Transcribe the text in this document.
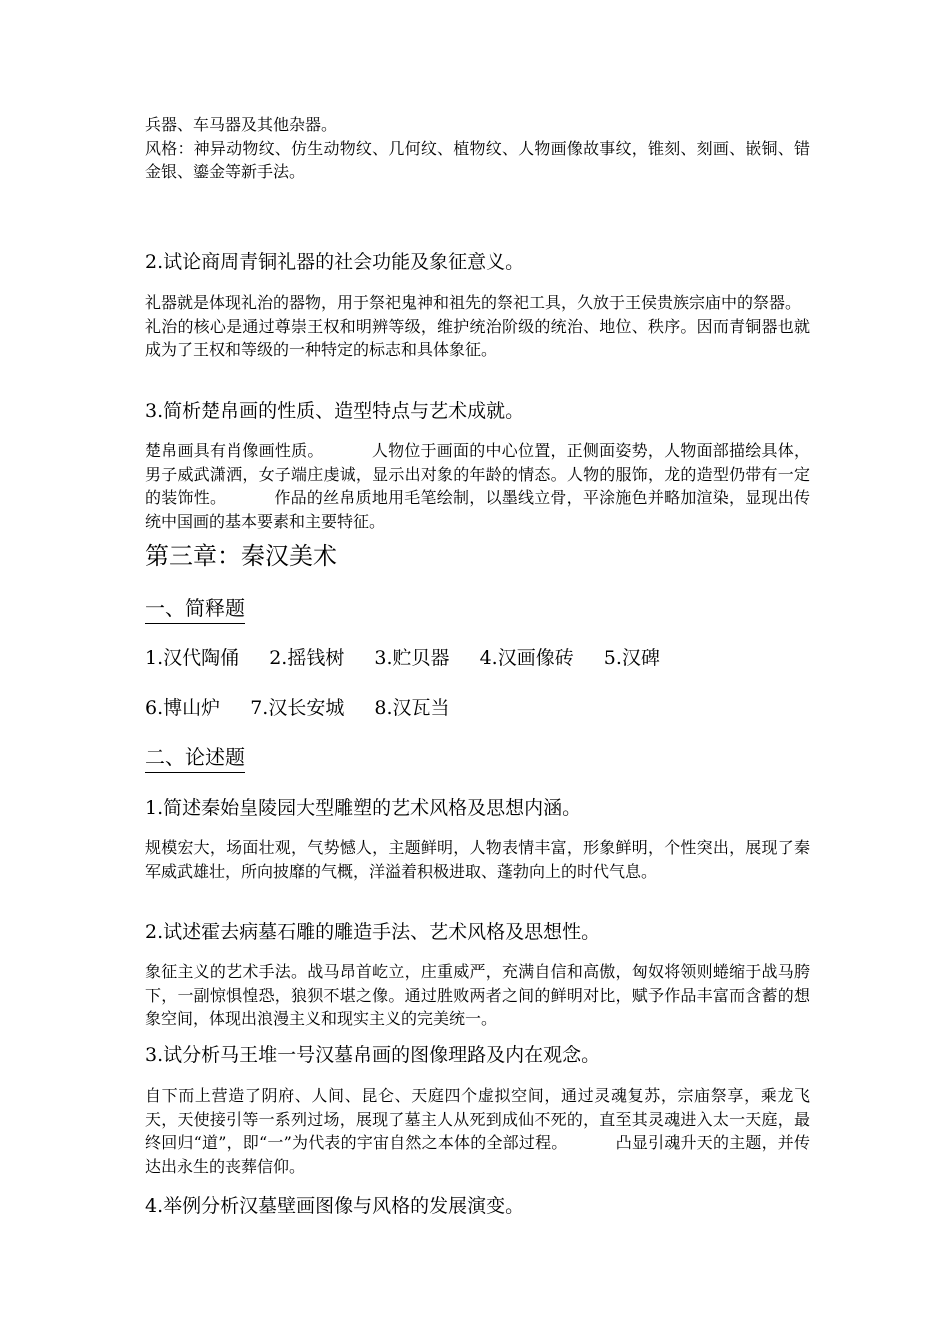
兵器、车马器及其他杂器。
风格：神异动物纹、仿生动物纹、几何纹、植物纹、人物画像故事纹，锥刻、刻画、嵌铜、错金银、鎏金等新手法。
2.试论商周青铜礼器的社会功能及象征意义。
礼器就是体现礼治的器物，用于祭祀鬼神和祖先的祭祀工具，久放于王侯贵族宗庙中的祭器。
礼治的核心是通过尊崇王权和明辨等级，维护统治阶级的统治、地位、秩序。因而青铜器也就成为了王权和等级的一种特定的标志和具体象征。
3.简析楚帛画的性质、造型特点与艺术成就。
楚帛画具有肖像画性质。	人物位于画面的中心位置，正侧面姿势，人物面部描绘具体，男子威武潇洒，女子端庄虔诚，显示出对象的年龄的情态。人物的服饰，龙的造型仍带有一定的装饰性。	作品的丝帛质地用毛笔绘制，以墨线立骨，平涂施色并略加渲染，显现出传统中国画的基本要素和主要特征。
第三章：秦汉美术
一、简释题
1.汉代陶俑 2.摇钱树 3.贮贝器 4.汉画像砖 5.汉碑
6.博山炉 7.汉长安城 8.汉瓦当
二、论述题
1.简述秦始皇陵园大型雕塑的艺术风格及思想内涵。
规模宏大，场面壮观，气势憾人，主题鲜明，人物表情丰富，形象鲜明，个性突出，展现了秦军威武雄壮，所向披靡的气概，洋溢着积极进取、蓬勃向上的时代气息。
2.试述霍去病墓石雕的雕造手法、艺术风格及思想性。
象征主义的艺术手法。战马昂首屹立，庄重威严，充满自信和高傲，匈奴将领则蜷缩于战马胯下，一副惊惧惶恐，狼狈不堪之像。通过胜败两者之间的鲜明对比，赋予作品丰富而含蓄的想象空间，体现出浪漫主义和现实主义的完美统一。
3.试分析马王堆一号汉墓帛画的图像理路及内在观念。
自下而上营造了阴府、人间、昆仑、天庭四个虚拟空间，通过灵魂复苏，宗庙祭享，乘龙飞天，天使接引等一系列过场，展现了墓主人从死到成仙不死的，直至其灵魂进入太一天庭，最终回归“道”，即“一”为代表的宇宙自然之本体的全部过程。	凸显引魂升天的主题，并传达出永生的丧葬信仰。
4.举例分析汉墓壁画图像与风格的发展演变。
